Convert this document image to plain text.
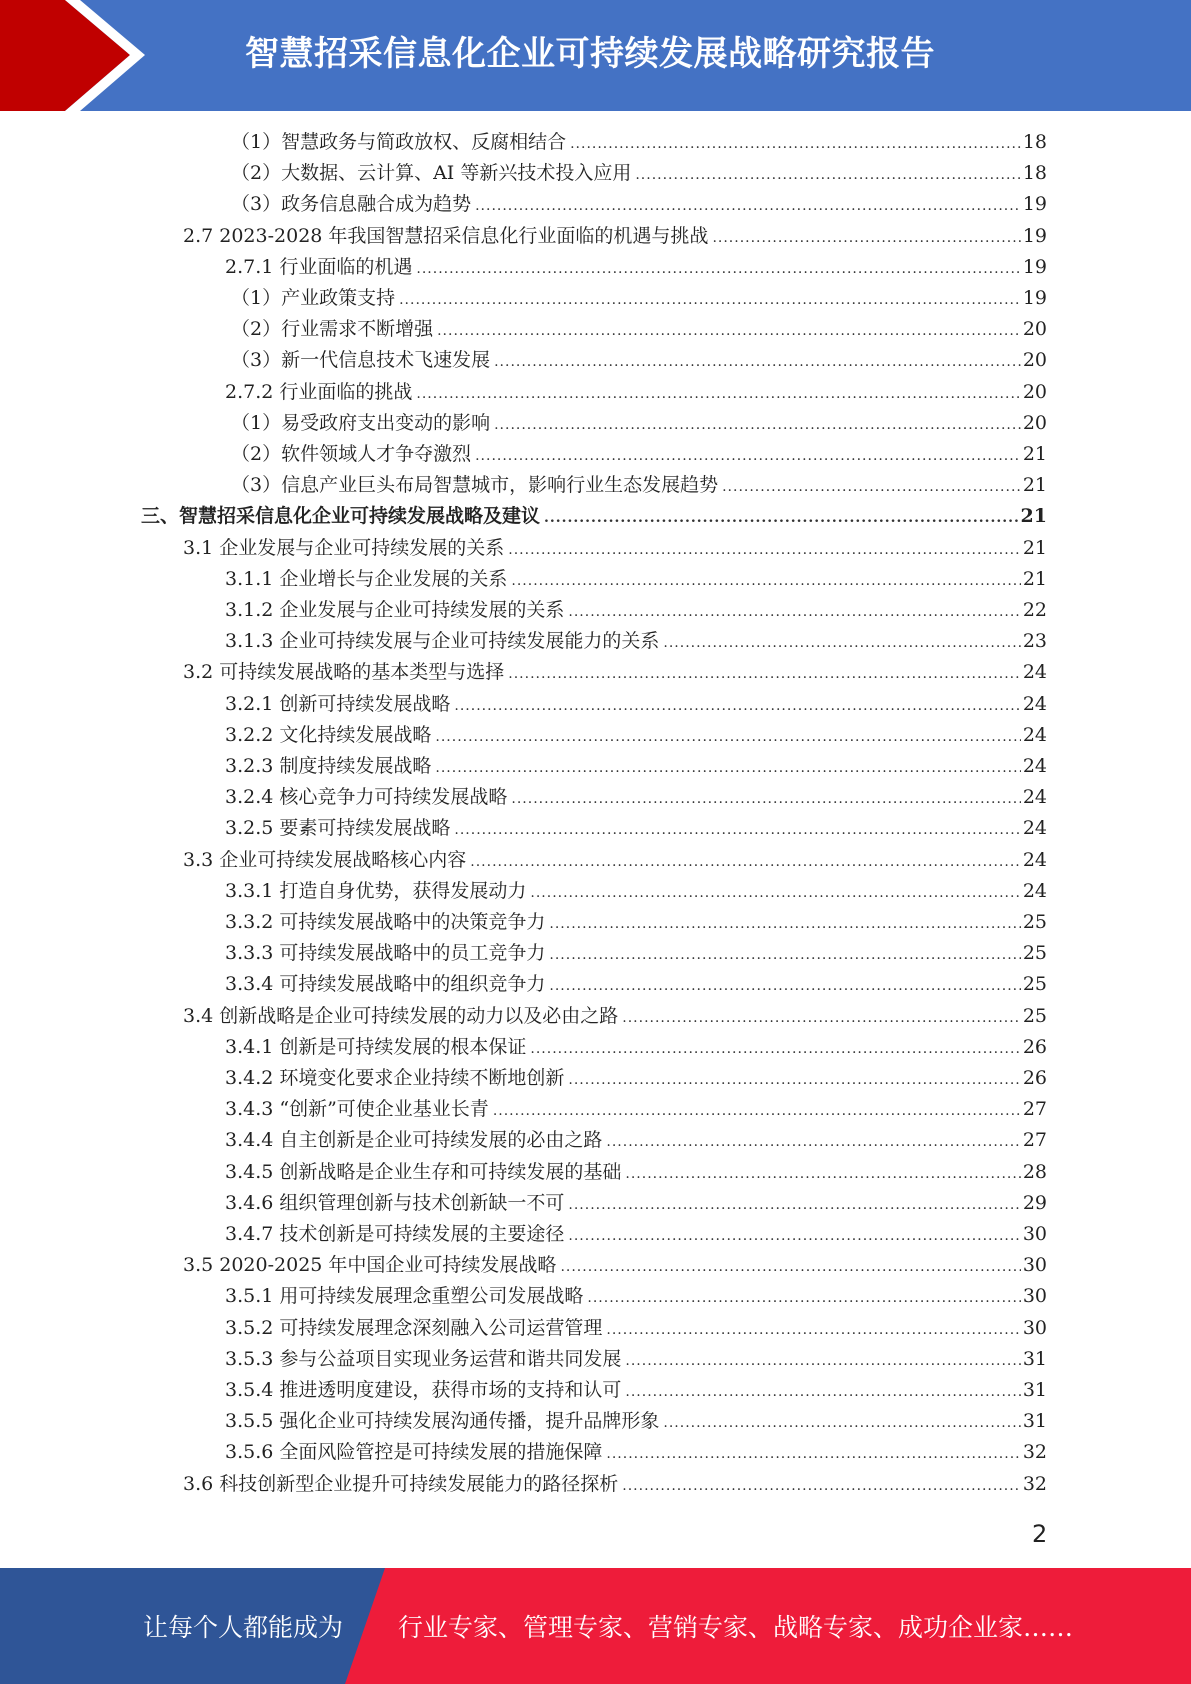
智慧招采信息化企业可持续发展战略研究报告
（1）智慧政务与简政放权、反腐相结合 .....	18
（2）大数据、云计算、AI 等新兴技术投入应用 .....	18
（3）政务信息融合成为趋势 .....	19
2.7 2023-2028 年我国智慧招采信息化行业面临的机遇与挑战 .....	19
2.7.1 行业面临的机遇 .....	19
（1）产业政策支持 .....	19
（2）行业需求不断增强 .....	20
（3）新一代信息技术飞速发展 .....	20
2.7.2 行业面临的挑战 .....	20
（1）易受政府支出变动的影响 .....	20
（2）软件领域人才争夺激烈 .....	21
（3）信息产业巨头布局智慧城市，影响行业生态发展趋势 .....	21
三、智慧招采信息化企业可持续发展战略及建议 .....	21
3.1 企业发展与企业可持续发展的关系 .....	21
3.1.1 企业增长与企业发展的关系 .....	21
3.1.2 企业发展与企业可持续发展的关系 .....	22
3.1.3 企业可持续发展与企业可持续发展能力的关系 .....	23
3.2 可持续发展战略的基本类型与选择 .....	24
3.2.1 创新可持续发展战略 .....	24
3.2.2 文化持续发展战略 .....	24
3.2.3 制度持续发展战略 .....	24
3.2.4 核心竞争力可持续发展战略 .....	24
3.2.5 要素可持续发展战略 .....	24
3.3 企业可持续发展战略核心内容 .....	24
3.3.1 打造自身优势，获得发展动力 .....	24
3.3.2 可持续发展战略中的决策竞争力 .....	25
3.3.3 可持续发展战略中的员工竞争力 .....	25
3.3.4 可持续发展战略中的组织竞争力 .....	25
3.4 创新战略是企业可持续发展的动力以及必由之路 .....	25
3.4.1 创新是可持续发展的根本保证 .....	26
3.4.2 环境变化要求企业持续不断地创新 .....	26
3.4.3 “创新”可使企业基业长青 .....	27
3.4.4 自主创新是企业可持续发展的必由之路 .....	27
3.4.5 创新战略是企业生存和可持续发展的基础 .....	28
3.4.6 组织管理创新与技术创新缺一不可 .....	29
3.4.7 技术创新是可持续发展的主要途径 .....	30
3.5 2020-2025 年中国企业可持续发展战略 .....	30
3.5.1 用可持续发展理念重塑公司发展战略 .....	30
3.5.2 可持续发展理念深刻融入公司运营管理 .....	30
3.5.3 参与公益项目实现业务运营和谐共同发展 .....	31
3.5.4 推进透明度建设，获得市场的支持和认可 .....	31
3.5.5 强化企业可持续发展沟通传播，提升品牌形象 .....	31
3.5.6 全面风险管控是可持续发展的措施保障 .....	32
3.6 科技创新型企业提升可持续发展能力的路径探析 .....	32
2
让每个人都能成为 行业专家、管理专家、营销专家、战略专家、成功企业家……
